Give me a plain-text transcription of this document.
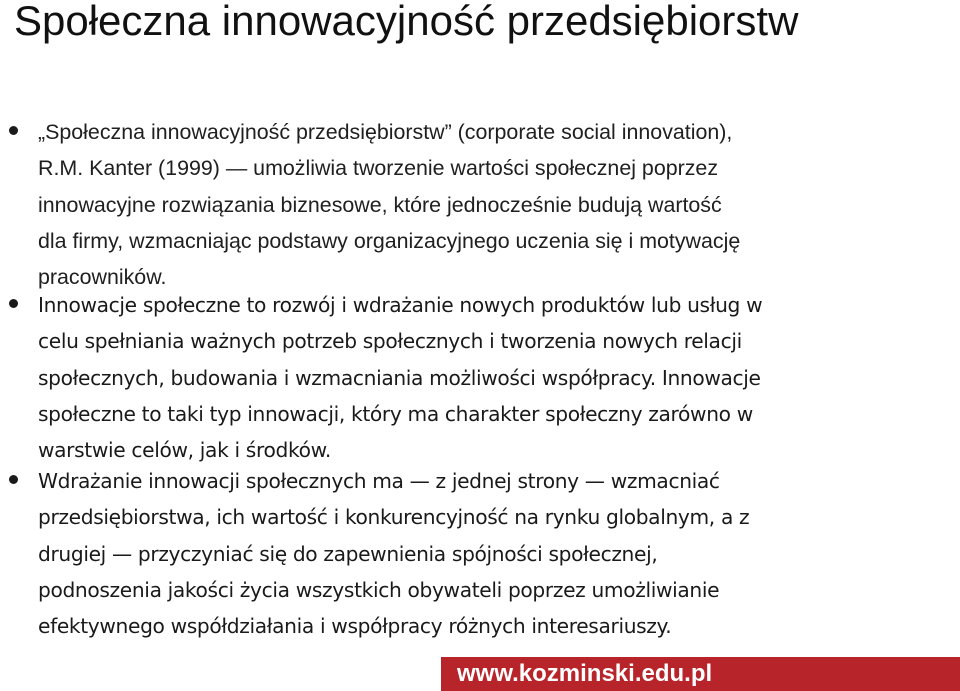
Społeczna innowacyjność przedsiębiorstw

„Społeczna innowacyjność przedsiębiorstw” (corporate social innovation),
R.M. Kanter (1999) — umożliwia tworzenie wartości społecznej poprzez
innowacyjne rozwiązania biznesowe, które jednocześnie budują wartość
dla firmy, wzmacniając podstawy organizacyjnego uczenia się i motywację
pracowników.

Innowacje społeczne to rozwój i wdrażanie nowych produktów lub usług w
celu spełniania ważnych potrzeb społecznych i tworzenia nowych relacji
społecznych, budowania i wzmacniania możliwości współpracy. Innowacje
społeczne to taki typ innowacji, który ma charakter społeczny zarówno w
warstwie celów, jak i środków.

Wdrażanie innowacji społecznych ma — z jednej strony — wzmacniać
przedsiębiorstwa, ich wartość i konkurencyjność na rynku globalnym, a z
drugiej — przyczyniać się do zapewnienia spójności społecznej,
podnoszenia jakości życia wszystkich obywateli poprzez umożliwianie
efektywnego współdziałania i współpracy różnych interesariuszy.

www.kozminski.edu.pl
